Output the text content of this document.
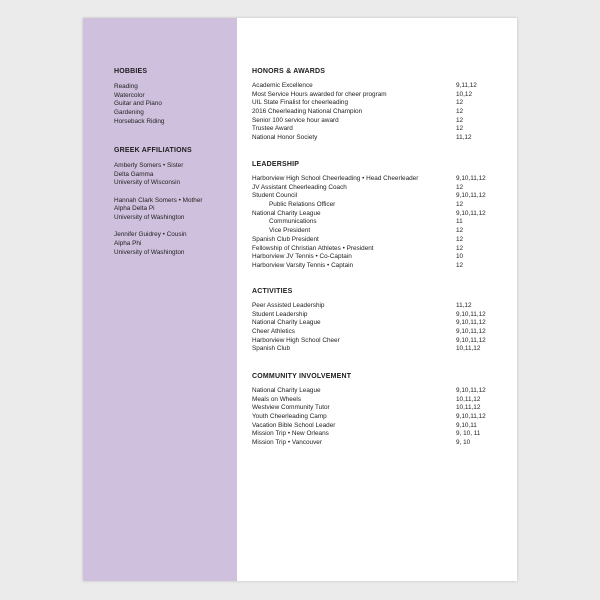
HOBBIES
Reading
Watercolor
Guitar and Piano
Gardening
Horseback Riding
GREEK AFFILIATIONS
Amberly Somers • Sister
Delta Gamma
University of Wisconsin
Hannah Clark Somers • Mother
Alpha Delta Pi
University of Washington
Jennifer Guidrey • Cousin
Alpha Phi
University of Washington
HONORS & AWARDS
Academic Excellence	9,11,12
Most Service Hours awarded for cheer program	10,12
UIL State Finalist for cheerleading	12
2016 Cheerleading National Champion	12
Senior 100 service hour award	12
Trustee Award	12
National Honor Society	11,12
LEADERSHIP
Harborview High School Cheerleading • Head Cheerleader	9,10,11,12
JV Assistant Cheerleading Coach	12
Student Council	9,10,11,12
Public Relations Officer	12
National Charity League	9,10,11,12
Communications	11
Vice President	12
Spanish Club President	12
Fellowship of Christian Athletes • President	12
Harborview JV Tennis • Co-Captain	10
Harborview Varsity Tennis • Captain	12
ACTIVITIES
Peer Assisted Leadership	11,12
Student Leadership	9,10,11,12
National Charity League	9,10,11,12
Cheer Athletics	9,10,11,12
Harborview High School Cheer	9,10,11,12
Spanish Club	10,11,12
COMMUNITY INVOLVEMENT
National Charity League	9,10,11,12
Meals on Wheels	10,11,12
Westview Community Tutor	10,11,12
Youth Cheerleading Camp	9,10,11,12
Vacation Bible School Leader	9,10,11
Mission Trip • New Orleans	9, 10, 11
Mission Trip • Vancouver	9, 10
